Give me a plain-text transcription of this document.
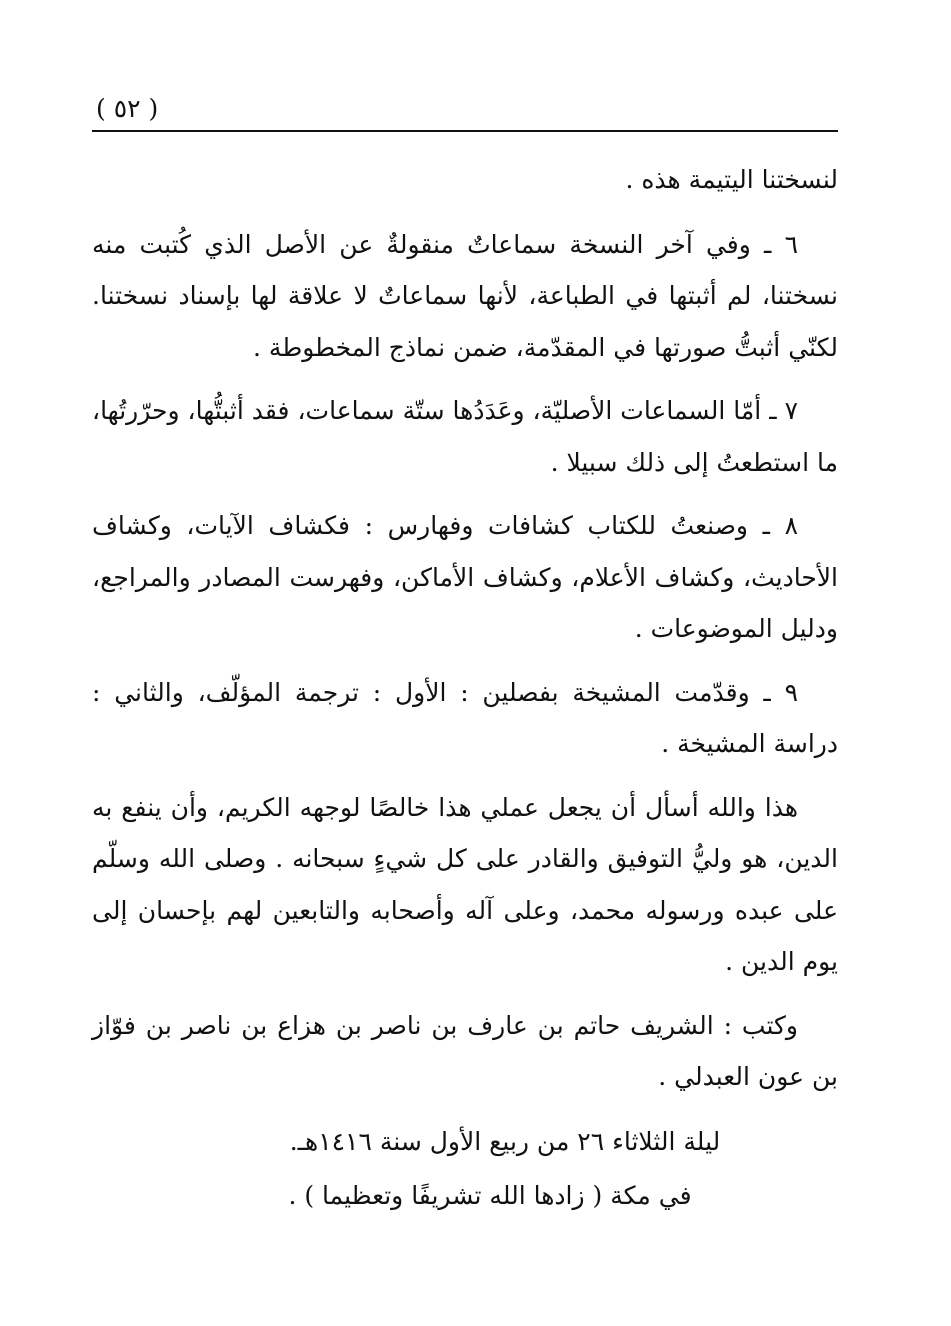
( ٥٢ )

لنسختنا اليتيمة هذه .

٦ ـ وفي آخر النسخة سماعاتٌ منقولةٌ عن الأصل الذي كُتبت منه نسختنا، لم أثبتها في الطباعة، لأنها سماعاتٌ لا علاقة لها بإسناد نسختنا. لكنّي أثبتُّ صورتها في المقدّمة، ضمن نماذج المخطوطة .

٧ ـ أمّا السماعات الأصليّة، وعَدَدُها ستّة سماعات، فقد أثبتُّها، وحرّرتُها، ما استطعتُ إلى ذلك سبيلا .

٨ ـ وصنعتُ للكتاب كشافات وفهارس : فكشاف الآيات، وكشاف الأحاديث، وكشاف الأعلام، وكشاف الأماكن، وفهرست المصادر والمراجع، ودليل الموضوعات .

٩ ـ وقدّمت المشيخة بفصلين : الأول : ترجمة المؤلّف، والثاني : دراسة المشيخة .

هذا والله أسأل أن يجعل عملي هذا خالصًا لوجهه الكريم، وأن ينفع به الدين، هو وليُّ التوفيق والقادر على كل شيءٍ سبحانه . وصلى الله وسلّم على عبده ورسوله محمد، وعلى آله وأصحابه والتابعين لهم بإحسان إلى يوم الدين .

وكتب : الشريف حاتم بن عارف بن ناصر بن هزاع بن ناصر بن فوّاز بن عون العبدلي .

ليلة الثلاثاء ٢٦ من ربيع الأول سنة ١٤١٦هـ.
في مكة ( زادها الله تشريفًا وتعظيما ) .
